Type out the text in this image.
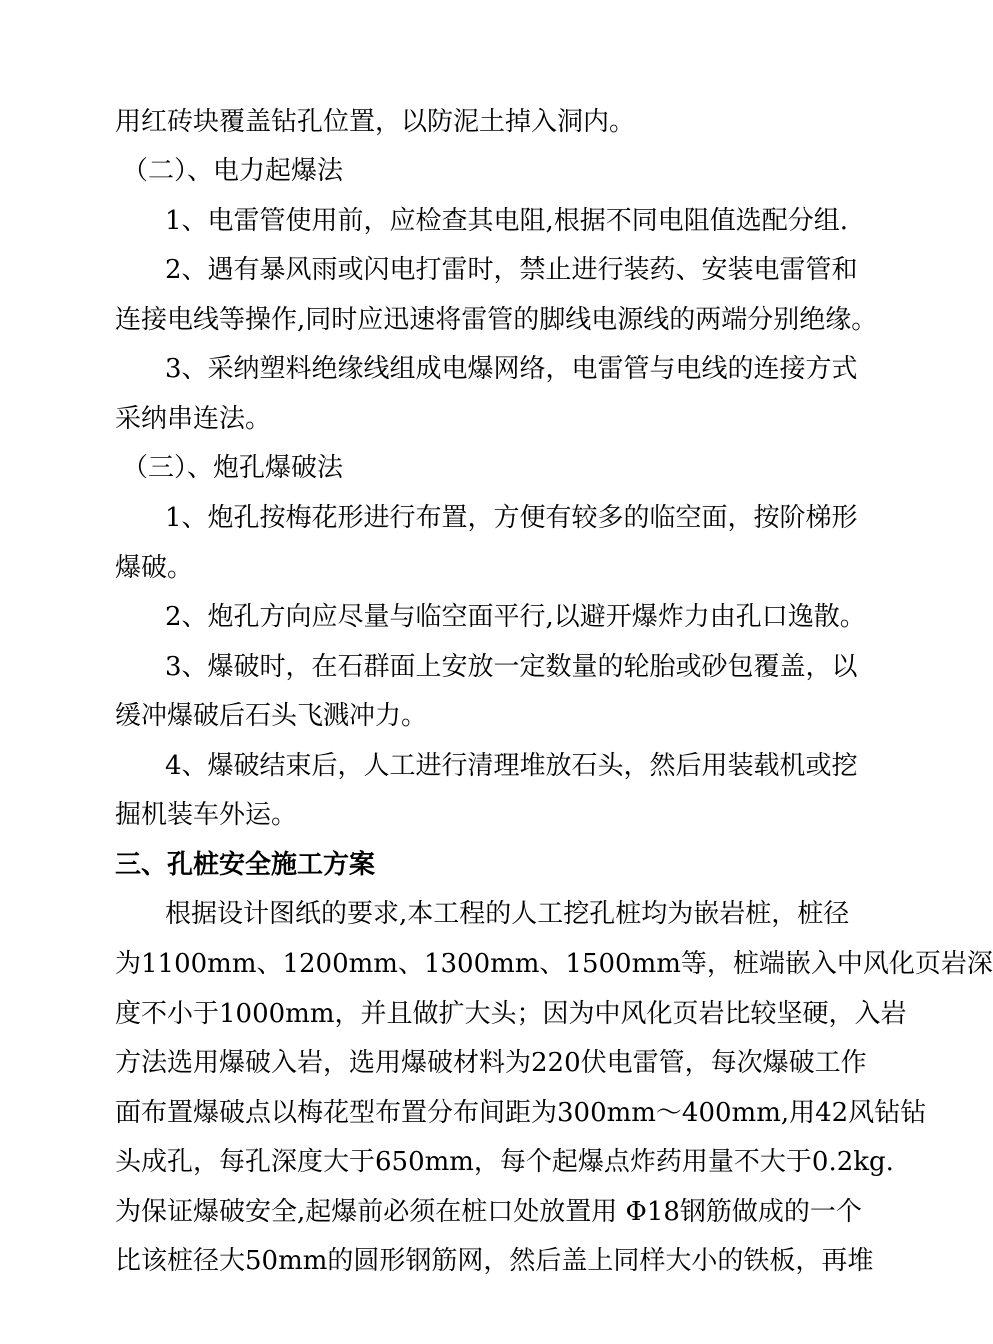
用红砖块覆盖钻孔位置，以防泥土掉入洞内。
（二）、电力起爆法
1、电雷管使用前，应检查其电阻,根据不同电阻值选配分组.
2、遇有暴风雨或闪电打雷时，禁止进行装药、安装电雷管和
连接电线等操作,同时应迅速将雷管的脚线电源线的两端分别绝缘。
3、采纳塑料绝缘线组成电爆网络，电雷管与电线的连接方式
采纳串连法。
（三）、炮孔爆破法
1、炮孔按梅花形进行布置，方便有较多的临空面，按阶梯形
爆破。
2、炮孔方向应尽量与临空面平行,以避开爆炸力由孔口逸散。
3、爆破时，在石群面上安放一定数量的轮胎或砂包覆盖，以
缓冲爆破后石头飞溅冲力。
4、爆破结束后，人工进行清理堆放石头，然后用装载机或挖
掘机装车外运。
三、孔桩安全施工方案
根据设计图纸的要求,本工程的人工挖孔桩均为嵌岩桩，桩径
为1100mm、1200mm、1300mm、1500mm等，桩端嵌入中风化页岩深
度不小于1000mm，并且做扩大头；因为中风化页岩比较坚硬，入岩
方法选用爆破入岩，选用爆破材料为220伏电雷管，每次爆破工作
面布置爆破点以梅花型布置分布间距为300mm～400mm,用42风钻钻
头成孔，每孔深度大于650mm，每个起爆点炸药用量不大于0.2kg.
为保证爆破安全,起爆前必须在桩口处放置用 Φ18钢筋做成的一个
比该桩径大50mm的圆形钢筋网，然后盖上同样大小的铁板，再堆
